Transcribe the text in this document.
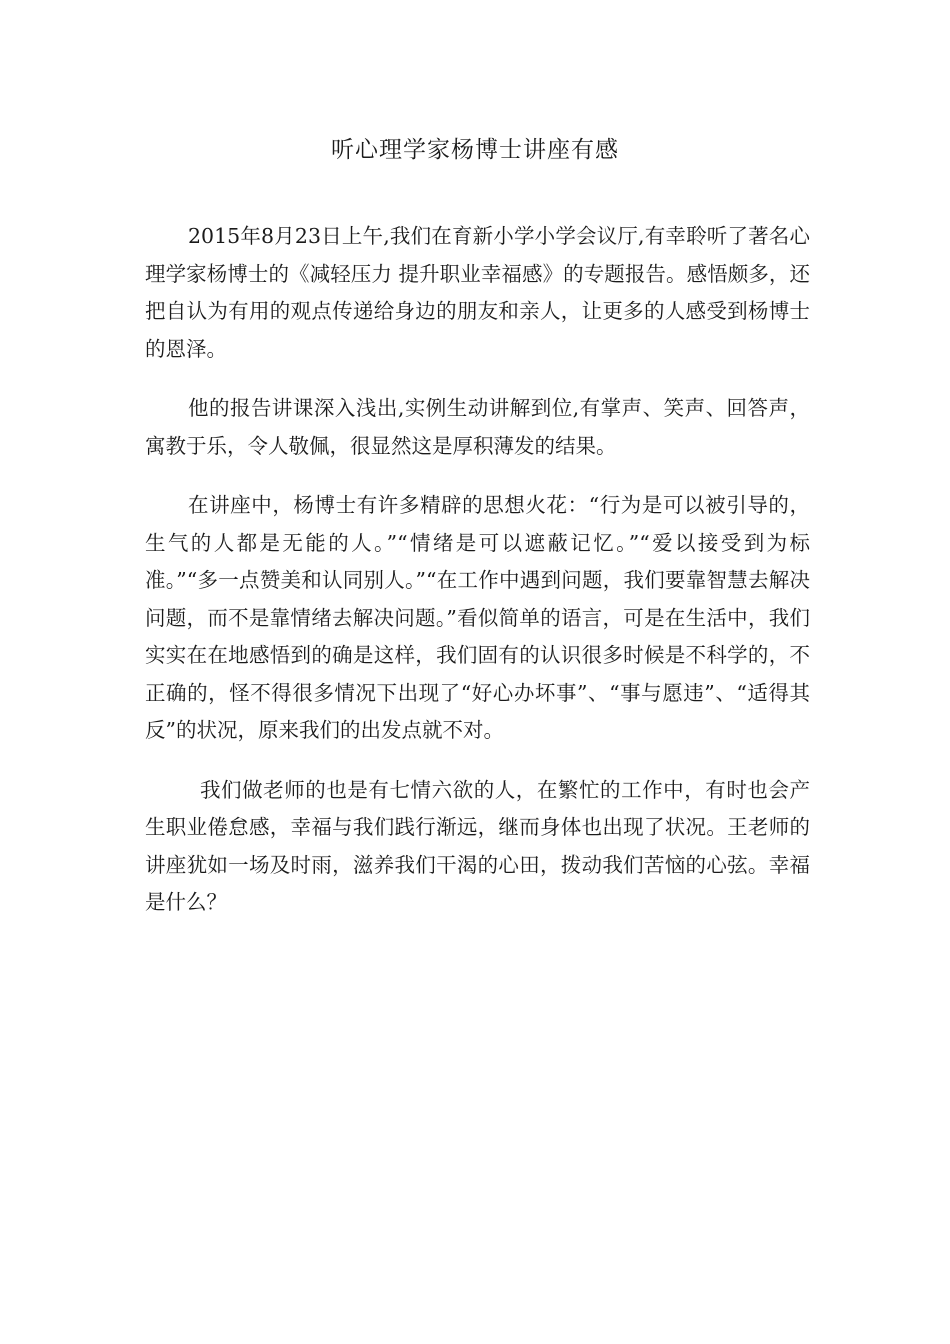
听心理学家杨博士讲座有感

2015年8月23日上午,我们在育新小学小学会议厅,有幸聆听了著名心理学家杨博士的《减轻压力 提升职业幸福感》的专题报告。感悟颇多，还把自认为有用的观点传递给身边的朋友和亲人，让更多的人感受到杨博士的恩泽。

他的报告讲课深入浅出,实例生动讲解到位,有掌声、笑声、回答声，寓教于乐，令人敬佩，很显然这是厚积薄发的结果。

在讲座中，杨博士有许多精辟的思想火花：“行为是可以被引导的，生气的人都是无能的人。”“情绪是可以遮蔽记忆。”“爱以接受到为标准。”“多一点赞美和认同别人。”“在工作中遇到问题，我们要靠智慧去解决问题，而不是靠情绪去解决问题。”看似简单的语言，可是在生活中，我们实实在在地感悟到的确是这样，我们固有的认识很多时候是不科学的，不正确的，怪不得很多情况下出现了“好心办坏事”、“事与愿违”、“适得其反”的状况，原来我们的出发点就不对。

我们做老师的也是有七情六欲的人，在繁忙的工作中，有时也会产生职业倦怠感，幸福与我们践行渐远，继而身体也出现了状况。王老师的讲座犹如一场及时雨，滋养我们干渴的心田，拨动我们苦恼的心弦。幸福是什么？
